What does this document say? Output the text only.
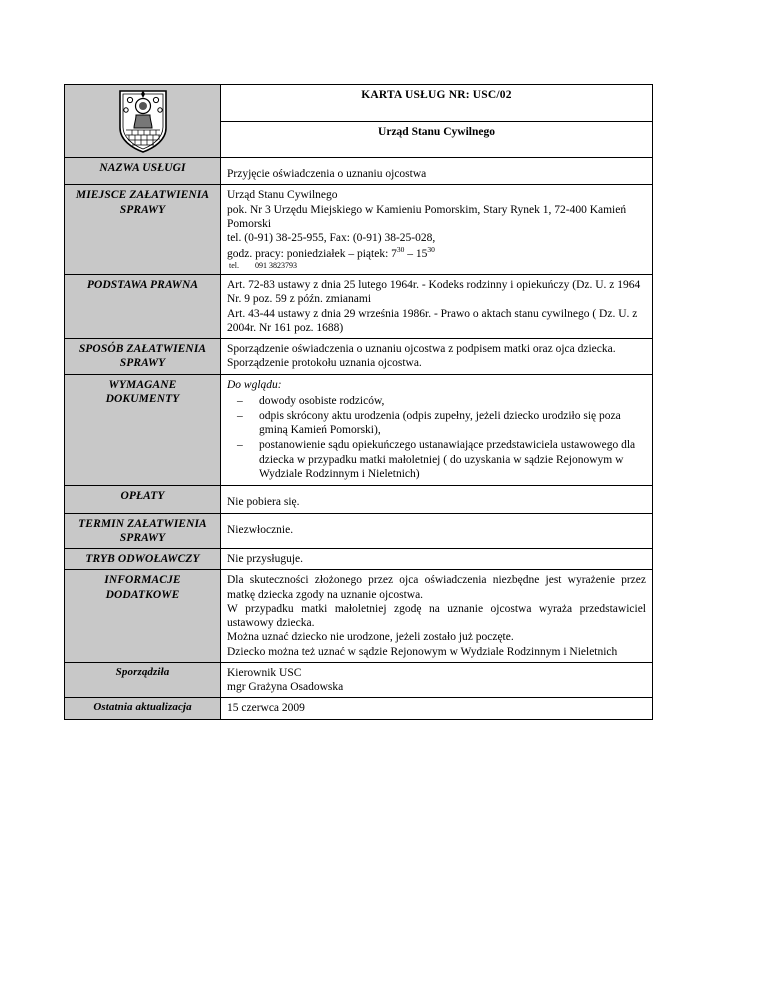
	KARTA USŁUG NR: USC/02
	Urząd Stanu Cywilnego
NAZWA USŁUGI	Przyjęcie oświadczenia o uznaniu ojcostwa

MIEJSCE ZAŁATWIENIA SPRAWY	Urząd Stanu Cywilnego
pok. Nr 3 Urzędu Miejskiego w Kamieniu Pomorskim, Stary Rynek 1, 72-400 Kamień Pomorski
tel. (0-91) 38-25-955, Fax: (0-91) 38-25-028,
godz. pracy: poniedziałek – piątek: $7^{30} - 15^{30}$
tel. 091 3823793

PODSTAWA PRAWNA	Art. 72-83 ustawy z dnia 25 lutego 1964r. - Kodeks rodzinny i opiekuńczy (Dz. U. z 1964 Nr. 9 poz. 59 z późn. zmianami
Art. 43-44 ustawy z dnia 29 września 1986r. - Prawo o aktach stanu cywilnego ( Dz. U. z 2004r. Nr 161 poz. 1688)

SPOSÓB ZAŁATWIENIA SPRAWY	Sporządzenie oświadczenia o uznaniu ojcostwa z podpisem matki oraz ojca dziecka.
Sporządzenie protokołu uznania ojcostwa.

WYMAGANE DOKUMENTY	
Do wglądu:
– dowody osobiste rodziców,
– odpis skrócony aktu urodzenia (odpis zupełny, jeżeli dziecko urodziło się poza gminą Kamień Pomorski),
– postanowienie sądu opiekuńczego ustanawiające przedstawiciela ustawowego dla dziecka w przypadku matki małoletniej ( do uzyskania w sądzie Rejonowym w Wydziale Rodzinnym i Nieletnich)

OPŁATY	Nie pobiera się.

TERMIN ZAŁATWIENIA SPRAWY	Niezwłocznie.

TRYB ODWOŁAWCZY	Nie przysługuje.

INFORMACJE DODATKOWE	Dla skuteczności złożonego przez ojca oświadczenia niezbędne jest wyrażenie przez matkę dziecka zgody na uznanie ojcostwa.
W przypadku matki małoletniej zgodę na uznanie ojcostwa wyraża przedstawiciel ustawowy dziecka.
Można uznać dziecko nie urodzone, jeżeli zostało już poczęte.
Dziecko można też uznać w sądzie Rejonowym w Wydziale Rodzinnym i Nieletnich

Sporządziła	Kierownik USC
mgr Grażyna Osadowska

Ostatnia aktualizacja	15 czerwca 2009
